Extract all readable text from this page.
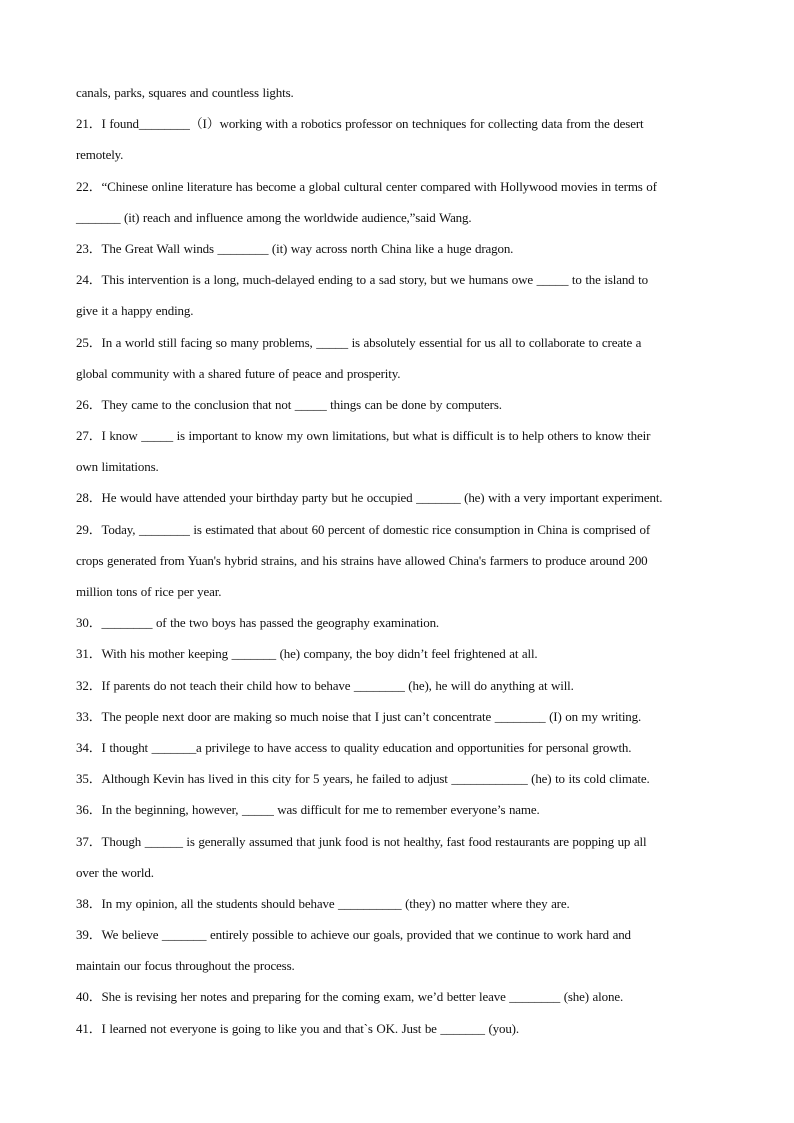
canals, parks, squares and countless lights.
21．I found________（I）working with a robotics professor on techniques for collecting data from the desert
remotely.
22．“Chinese online literature has become a global cultural center compared with Hollywood movies in terms of
_______ (it) reach and influence among the worldwide audience,”said Wang.
23．The Great Wall winds ________ (it) way across north China like a huge dragon.
24．This intervention is a long, much-delayed ending to a sad story, but we humans owe _____ to the island to
give it a happy ending.
25．In a world still facing so many problems, _____ is absolutely essential for us all to collaborate to create a
global community with a shared future of peace and prosperity.
26．They came to the conclusion that not _____ things can be done by computers.
27．I know _____ is important to know my own limitations, but what is difficult is to help others to know their
own limitations.
28．He would have attended your birthday party but he occupied _______ (he) with a very important experiment.
29．Today, ________ is estimated that about 60 percent of domestic rice consumption in China is comprised of
crops generated from Yuan's hybrid strains, and his strains have allowed China's farmers to produce around 200
million tons of rice per year.
30．________ of the two boys has passed the geography examination.
31．With his mother keeping _______ (he) company, the boy didn’t feel frightened at all.
32．If parents do not teach their child how to behave ________ (he), he will do anything at will.
33．The people next door are making so much noise that I just can’t concentrate ________ (I) on my writing.
34．I thought _______a privilege to have access to quality education and opportunities for personal growth.
35．Although Kevin has lived in this city for 5 years, he failed to adjust ____________ (he) to its cold climate.
36．In the beginning, however, _____ was difficult for me to remember everyone’s name.
37．Though ______ is generally assumed that junk food is not healthy, fast food restaurants are popping up all
over the world.
38．In my opinion, all the students should behave __________ (they) no matter where they are.
39．We believe _______ entirely possible to achieve our goals, provided that we continue to work hard and
maintain our focus throughout the process.
40．She is revising her notes and preparing for the coming exam, we’d better leave ________ (she) alone.
41．I learned not everyone is going to like you and that`s OK. Just be _______ (you).
